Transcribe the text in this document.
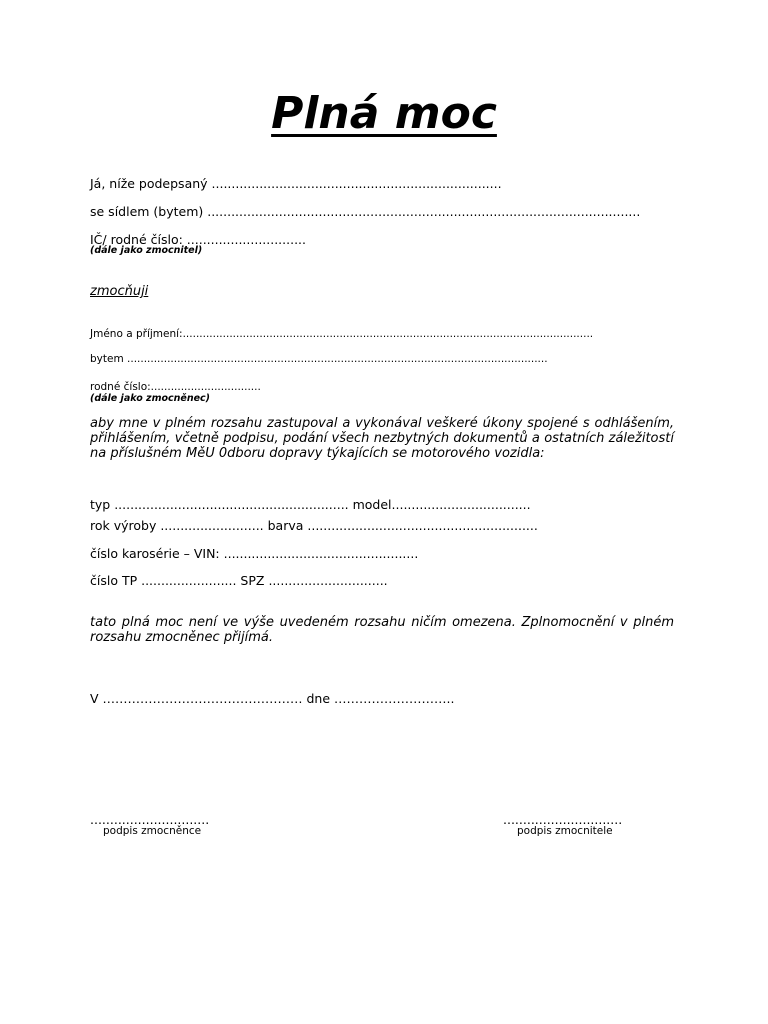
Plná moc
Já, níže podepsaný .........................................................................
se sídlem (bytem) .............................................................................................................
IČ/ rodné číslo: ..............................
(dále jako zmocnitel)
zmocňuji
Jméno a příjmení:...........................................................................................................................
bytem ..............................................................................................................................
rodné číslo:.................................
(dále jako zmocněnec)
aby mne v plném rozsahu zastupoval a vykonával veškeré úkony spojené s odhlášením, přihlášením, včetně podpisu, podání všech nezbytných dokumentů a ostatních záležitostí na příslušném MěU 0dboru dopravy týkajících se motorového vozidla:
typ ........................................................... model...................................
rok výroby .......................... barva ..........................................................
číslo karosérie – VIN: .................................................
číslo TP ........................ SPZ ..............................
tato plná moc není ve výše uvedeném rozsahu ničím omezena. Zplnomocnění v plném rozsahu zmocněnec přijímá.
V ………………………………………… dne ………………………..
..............................
podpis zmocněnce
..............................
podpis zmocnitele
